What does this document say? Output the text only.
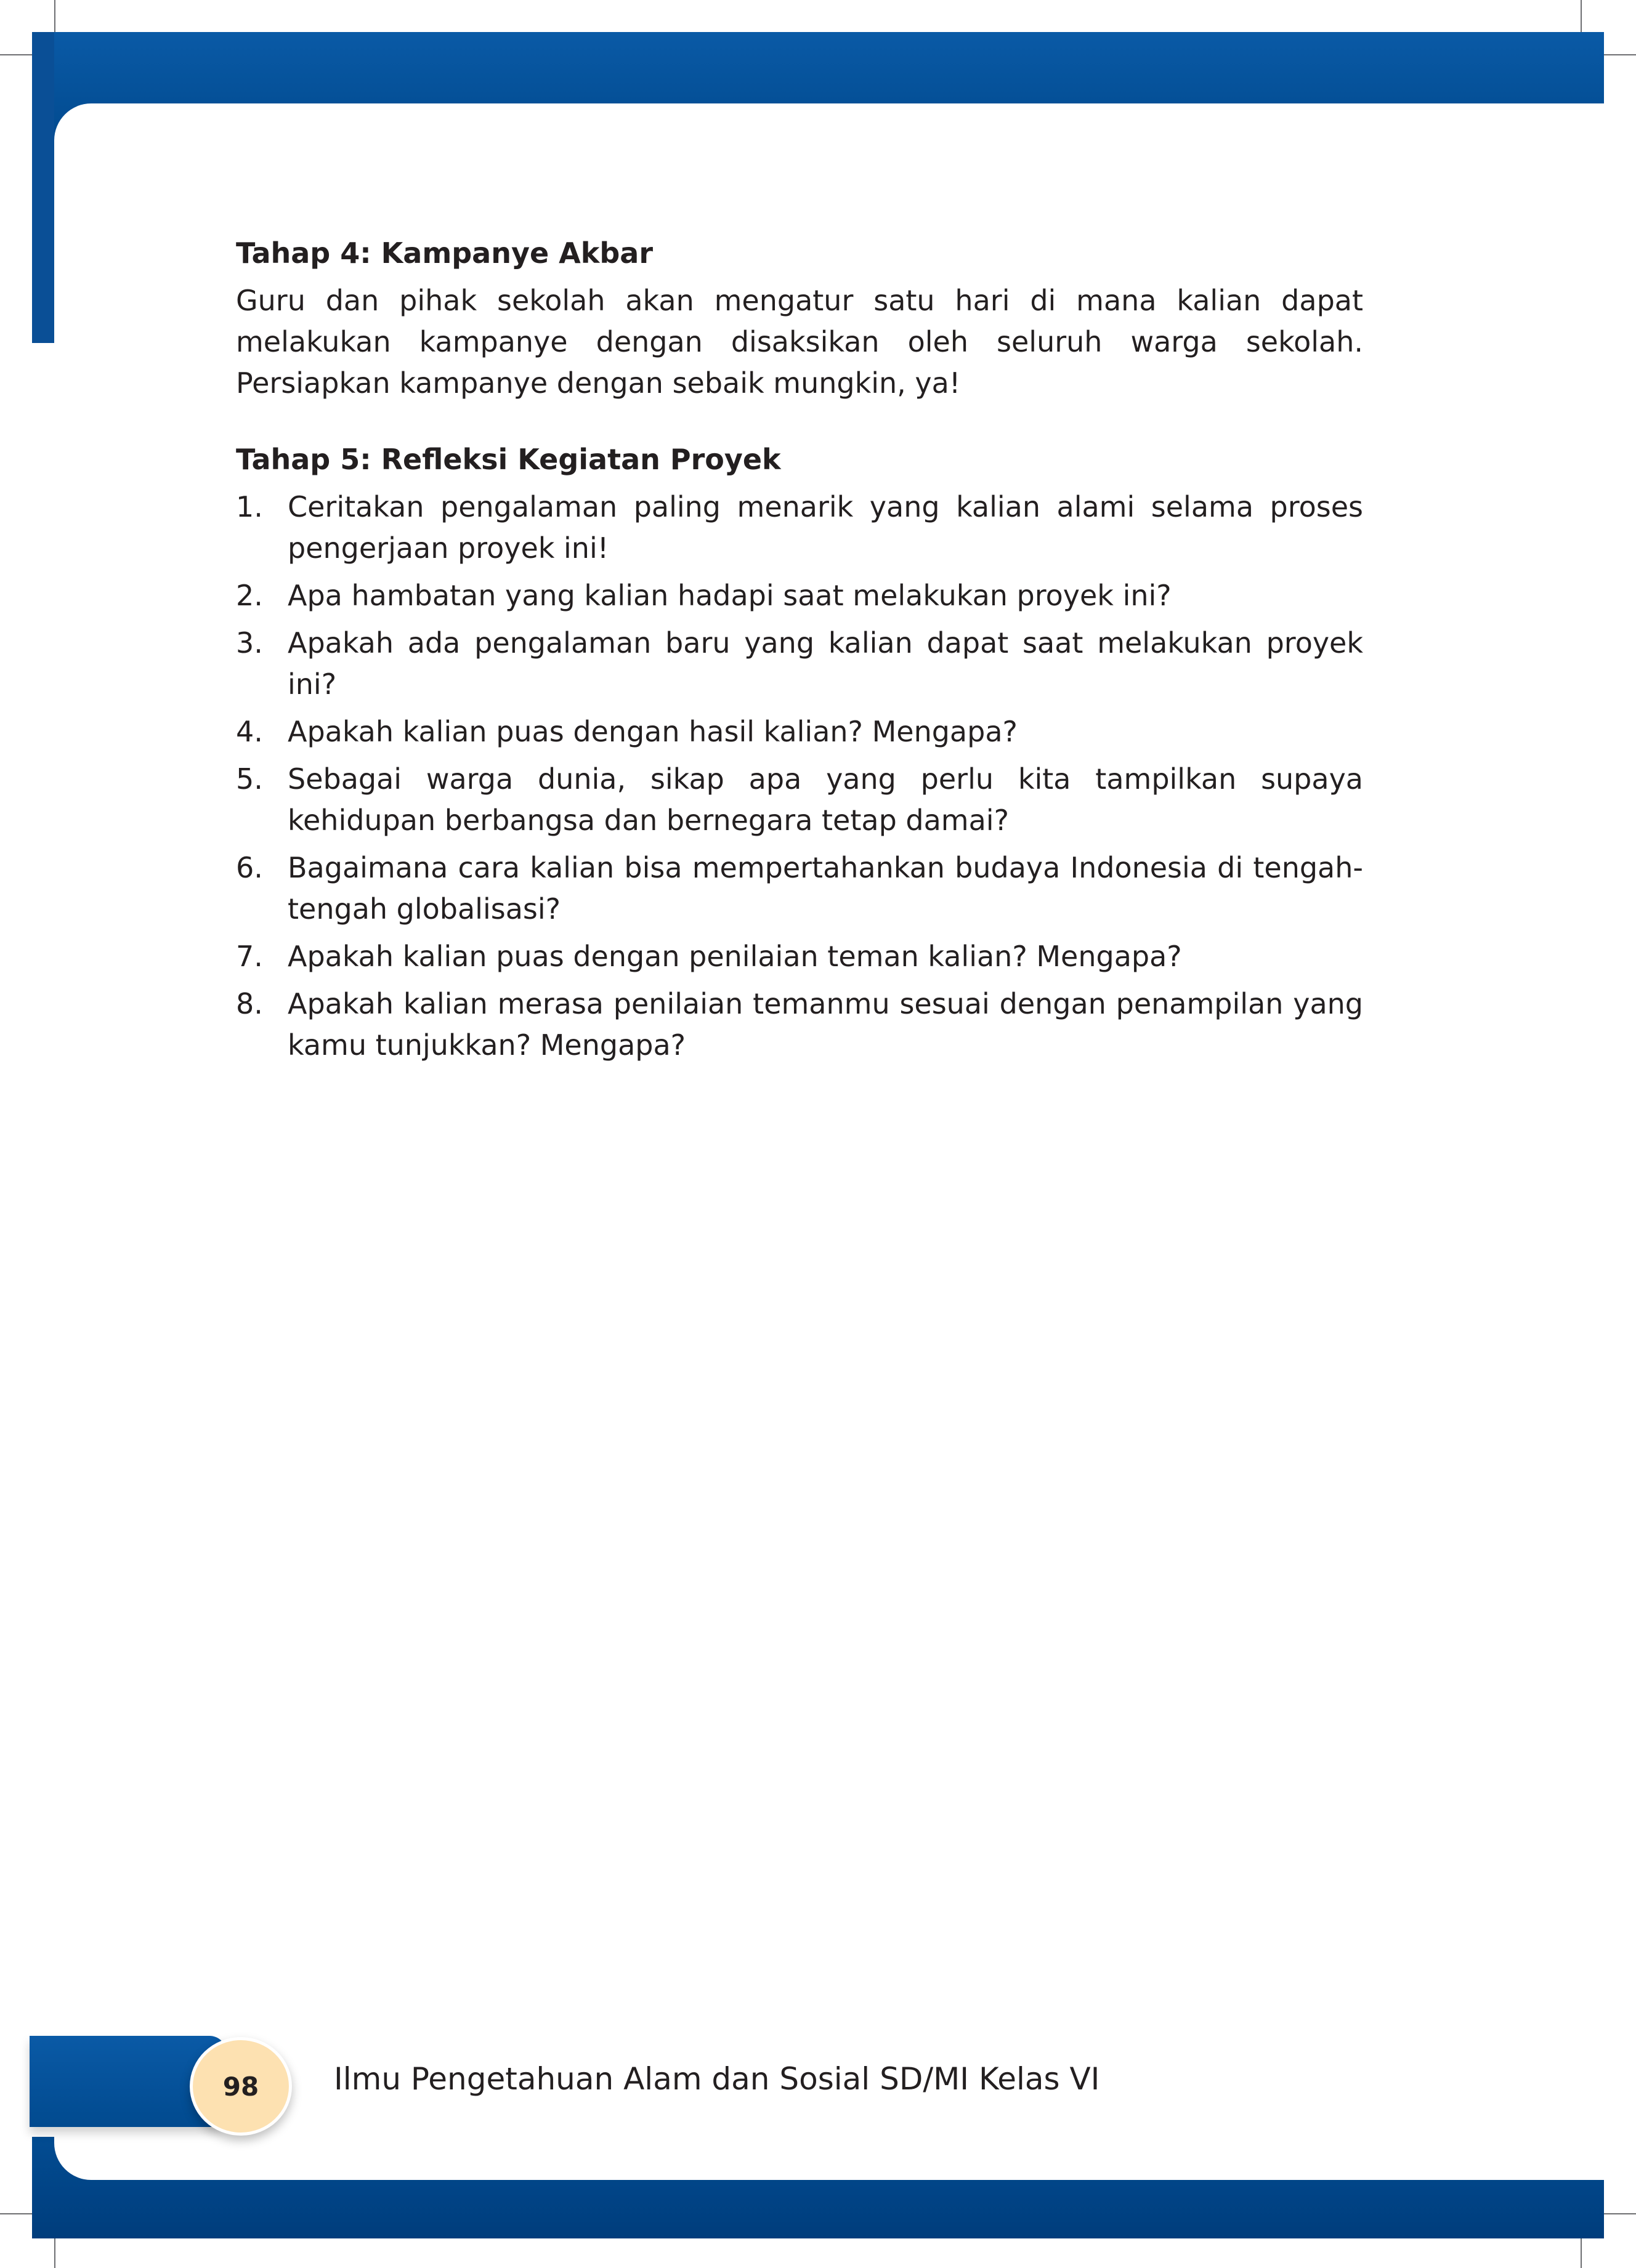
Tahap 4: Kampanye Akbar

Guru dan pihak sekolah akan mengatur satu hari di mana kalian dapat melakukan kampanye dengan disaksikan oleh seluruh warga sekolah. Persiapkan kampanye dengan sebaik mungkin, ya!

Tahap 5: Refleksi Kegiatan Proyek

1. Ceritakan pengalaman paling menarik yang kalian alami selama proses pengerjaan proyek ini!
2. Apa hambatan yang kalian hadapi saat melakukan proyek ini?
3. Apakah ada pengalaman baru yang kalian dapat saat melakukan proyek ini?
4. Apakah kalian puas dengan hasil kalian? Mengapa?
5. Sebagai warga dunia, sikap apa yang perlu kita tampilkan supaya kehidupan berbangsa dan bernegara tetap damai?
6. Bagaimana cara kalian bisa mempertahankan budaya Indonesia di tengah-tengah globalisasi?
7. Apakah kalian puas dengan penilaian teman kalian? Mengapa?
8. Apakah kalian merasa penilaian temanmu sesuai dengan penampilan yang kamu tunjukkan? Mengapa?
98 Ilmu Pengetahuan Alam dan Sosial SD/MI Kelas VI
